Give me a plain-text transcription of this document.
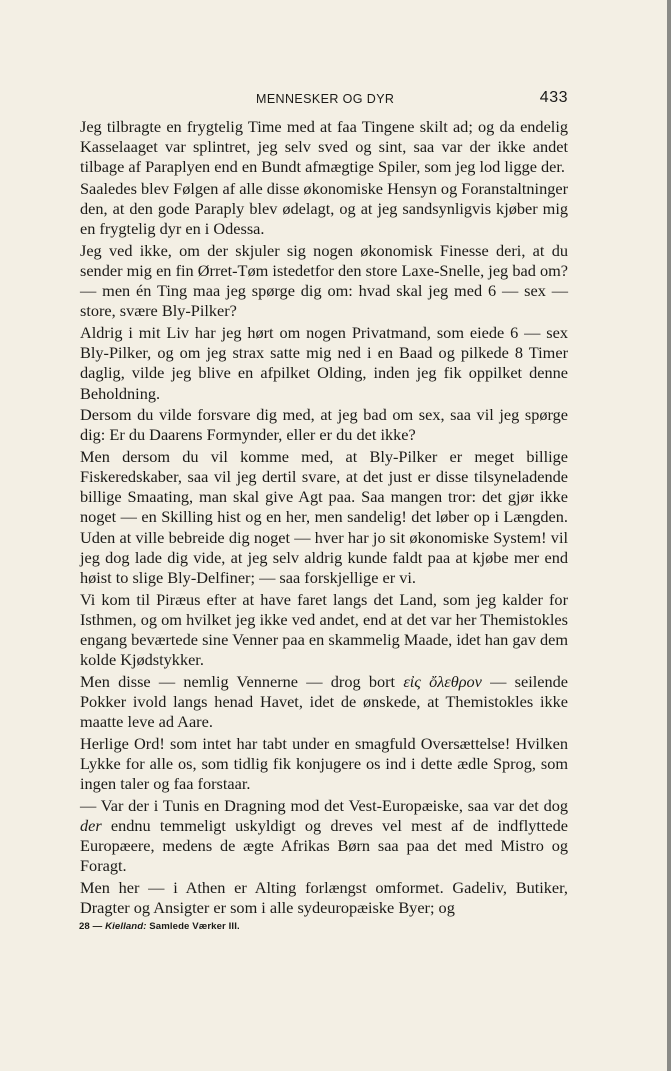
MENNESKER OG DYR	433

Jeg tilbragte en frygtelig Time med at faa Tingene skilt ad; og da endelig Kasselaaget var splintret, jeg selv sved og sint, saa var der ikke andet tilbage af Paraplyen end en Bundt afmægtige Spiler, som jeg lod ligge der.

Saaledes blev Følgen af alle disse økonomiske Hensyn og Foranstaltninger den, at den gode Paraply blev ødelagt, og at jeg sandsynligvis kjøber mig en frygtelig dyr en i Odessa.

Jeg ved ikke, om der skjuler sig nogen økonomisk Finesse deri, at du sender mig en fin Ørret-Tøm istedetfor den store Laxe-Snelle, jeg bad om? — men én Ting maa jeg spørge dig om: hvad skal jeg med 6 — sex — store, svære Bly-Pilker?

Aldrig i mit Liv har jeg hørt om nogen Privatmand, som eiede 6 — sex Bly-Pilker, og om jeg strax satte mig ned i en Baad og pilkede 8 Timer daglig, vilde jeg blive en afpilket Olding, inden jeg fik oppilket denne Beholdning.

Dersom du vilde forsvare dig med, at jeg bad om sex, saa vil jeg spørge dig: Er du Daarens Formynder, eller er du det ikke?

Men dersom du vil komme med, at Bly-Pilker er meget billige Fiskeredskaber, saa vil jeg dertil svare, at det just er disse tilsynеladende billige Smaating, man skal give Agt paa. Saa mangen tror: det gjør ikke noget — en Skilling hist og en her, men sandelig! det løber op i Længden. Uden at ville bebreide dig noget — hver har jo sit økonomiske System! vil jeg dog lade dig vide, at jeg selv aldrig kunde faldt paa at kjøbe mer end høist to slige Bly-Delfiner; — saa forskjellige er vi.

Vi kom til Piræus efter at have faret langs det Land, som jeg kalder for Isthmen, og om hvilket jeg ikke ved andet, end at det var her Themistokles engang beværtede sine Venner paa en skammelig Maade, idet han gav dem kolde Kjødstykker.

Men disse — nemlig Vennerne — drog bort εἰς ὄλεθρον — seilende Pokker ivold langs henad Havet, idet de ønskede, at Themistokles ikke maatte leve ad Aare.

Herlige Ord! som intet har tabt under en smagfuld Oversættelse! Hvilken Lykke for alle os, som tidlig fik konjugere os ind i dette ædle Sprog, som ingen taler og faa forstaar.

— Var der i Tunis en Dragning mod det Vest-Europæiske, saa var det dog der endnu temmeligt uskyldigt og dreves vel mest af de indflyttede Europæere, medens de ægte Afrikas Børn saa paa det med Mistro og Foragt.

Men her — i Athen er Alting forlængst omformet. Gadeliv, Butiker, Dragter og Ansigter er som i alle sydeuropæiske Byer; og

28 — Kielland: Samlede Værker III.
